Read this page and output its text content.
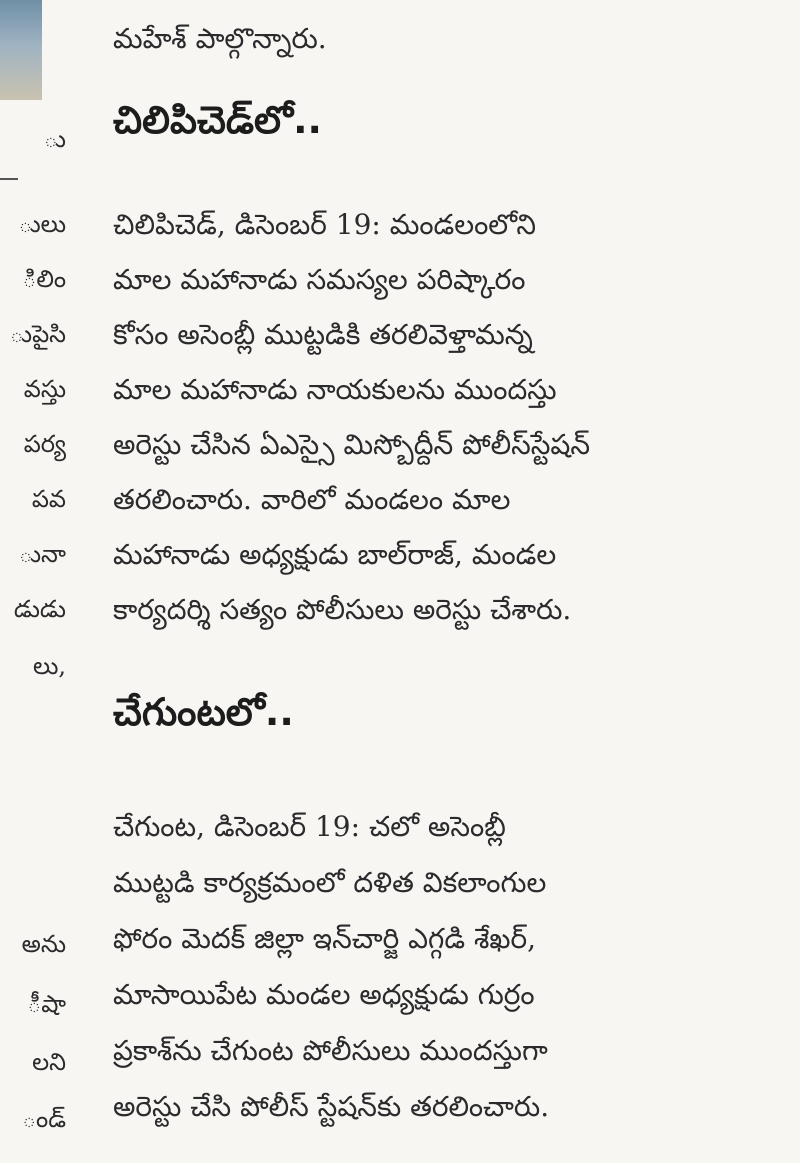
ు
ులు
ిలిం
ుపైసి
వస్తు
పర్య
పవ
ునా
డుడు
లు,
అను
ీషా
లని
ండ్

మహేశ్ పాల్గొన్నారు.
చిలిపిచెడ్‌లో..
చిలిపిచెడ్, డిసెంబర్ 19: మండలంలోని
మాల మహానాడు సమస్యల పరిష్కారం
కోసం అసెంబ్లీ ముట్టడికి తరలివెళ్తామన్న
మాల మహానాడు నాయకులను ముందస్తు
అరెస్టు చేసిన ఏఎస్సై మిస్బోద్దీన్ పోలీస్‌స్టేషన్
తరలించారు. వారిలో మండలం మాల
మహానాడు అధ్యక్షుడు బాల్‌రాజ్, మండల
కార్యదర్శి సత్యం పోలీసులు అరెస్టు చేశారు.
చేగుంటలో..
చేగుంట, డిసెంబర్ 19: చలో అసెంబ్లీ
ముట్టడి కార్యక్రమంలో దళిత వికలాంగుల
ఫోరం మెదక్ జిల్లా ఇన్‌చార్జి ఎగ్గడి శేఖర్,
మాసాయిపేట మండల అధ్యక్షుడు గుర్రం
ప్రకాశ్‌ను చేగుంట పోలీసులు ముందస్తుగా
అరెస్టు చేసి పోలీస్ స్టేషన్‌కు తరలించారు.
